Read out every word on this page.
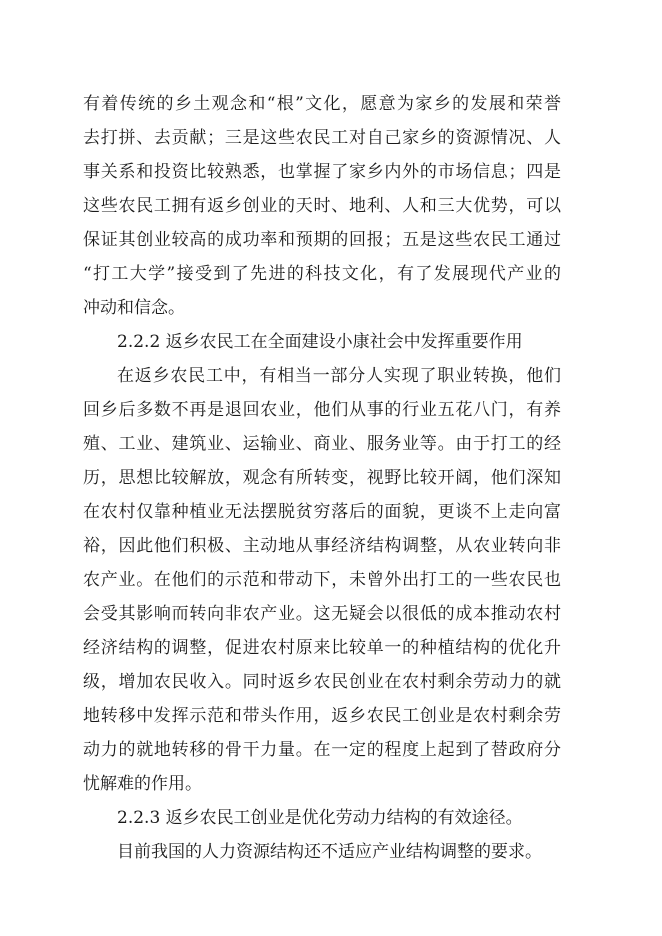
有着传统的乡土观念和“根”文化，愿意为家乡的发展和荣誉
去打拼、去贡献；三是这些农民工对自己家乡的资源情况、人
事关系和投资比较熟悉，也掌握了家乡内外的市场信息；四是
这些农民工拥有返乡创业的天时、地利、人和三大优势，可以
保证其创业较高的成功率和预期的回报；五是这些农民工通过
“打工大学”接受到了先进的科技文化，有了发展现代产业的
冲动和信念。
2.2.2 返乡农民工在全面建设小康社会中发挥重要作用
在返乡农民工中，有相当一部分人实现了职业转换，他们
回乡后多数不再是退回农业，他们从事的行业五花八门，有养
殖、工业、建筑业、运输业、商业、服务业等。由于打工的经
历，思想比较解放，观念有所转变，视野比较开阔，他们深知
在农村仅靠种植业无法摆脱贫穷落后的面貌，更谈不上走向富
裕，因此他们积极、主动地从事经济结构调整，从农业转向非
农产业。在他们的示范和带动下，未曾外出打工的一些农民也
会受其影响而转向非农产业。这无疑会以很低的成本推动农村
经济结构的调整，促进农村原来比较单一的种植结构的优化升
级，增加农民收入。同时返乡农民创业在农村剩余劳动力的就
地转移中发挥示范和带头作用，返乡农民工创业是农村剩余劳
动力的就地转移的骨干力量。在一定的程度上起到了替政府分
忧解难的作用。
2.2.3 返乡农民工创业是优化劳动力结构的有效途径。
目前我国的人力资源结构还不适应产业结构调整的要求。
